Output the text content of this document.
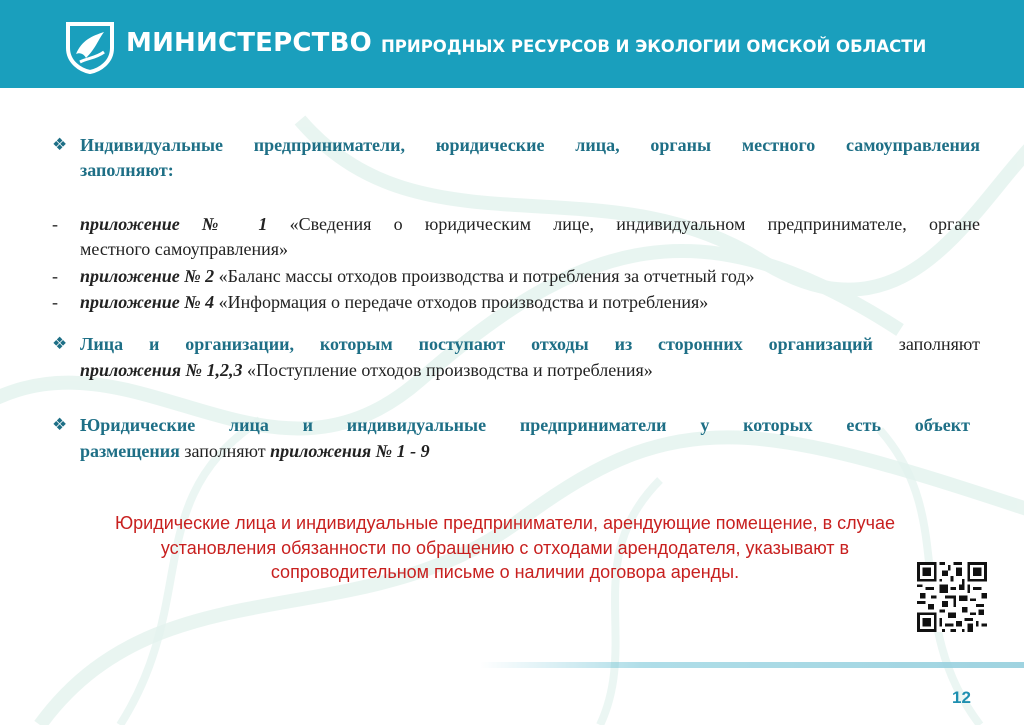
МИНИСТЕРСТВО ПРИРОДНЫХ РЕСУРСОВ И ЭКОЛОГИИ ОМСКОЙ ОБЛАСТИ
❖ Индивидуальные предприниматели, юридические лица, органы местного самоуправления
заполняют:
- приложение № 1 «Сведения о юридическим лице, индивидуальном предпринимателе, органе
местного самоуправления»
- приложение № 2 «Баланс массы отходов производства и потребления за отчетный год»
- приложение № 4 «Информация о передаче отходов производства и потребления»
❖ Лица и организации, которым поступают отходы из сторонних организаций заполняют
приложения № 1,2,3 «Поступление отходов производства и потребления»
❖ Юридические лица и индивидуальные предприниматели у которых есть объект
размещения заполняют приложения № 1 - 9
Юридические лица и индивидуальные предприниматели, арендующие помещение, в случае
установления обязанности по обращению с отходами арендодателя, указывают в
сопроводительном письме о наличии договора аренды.
12
